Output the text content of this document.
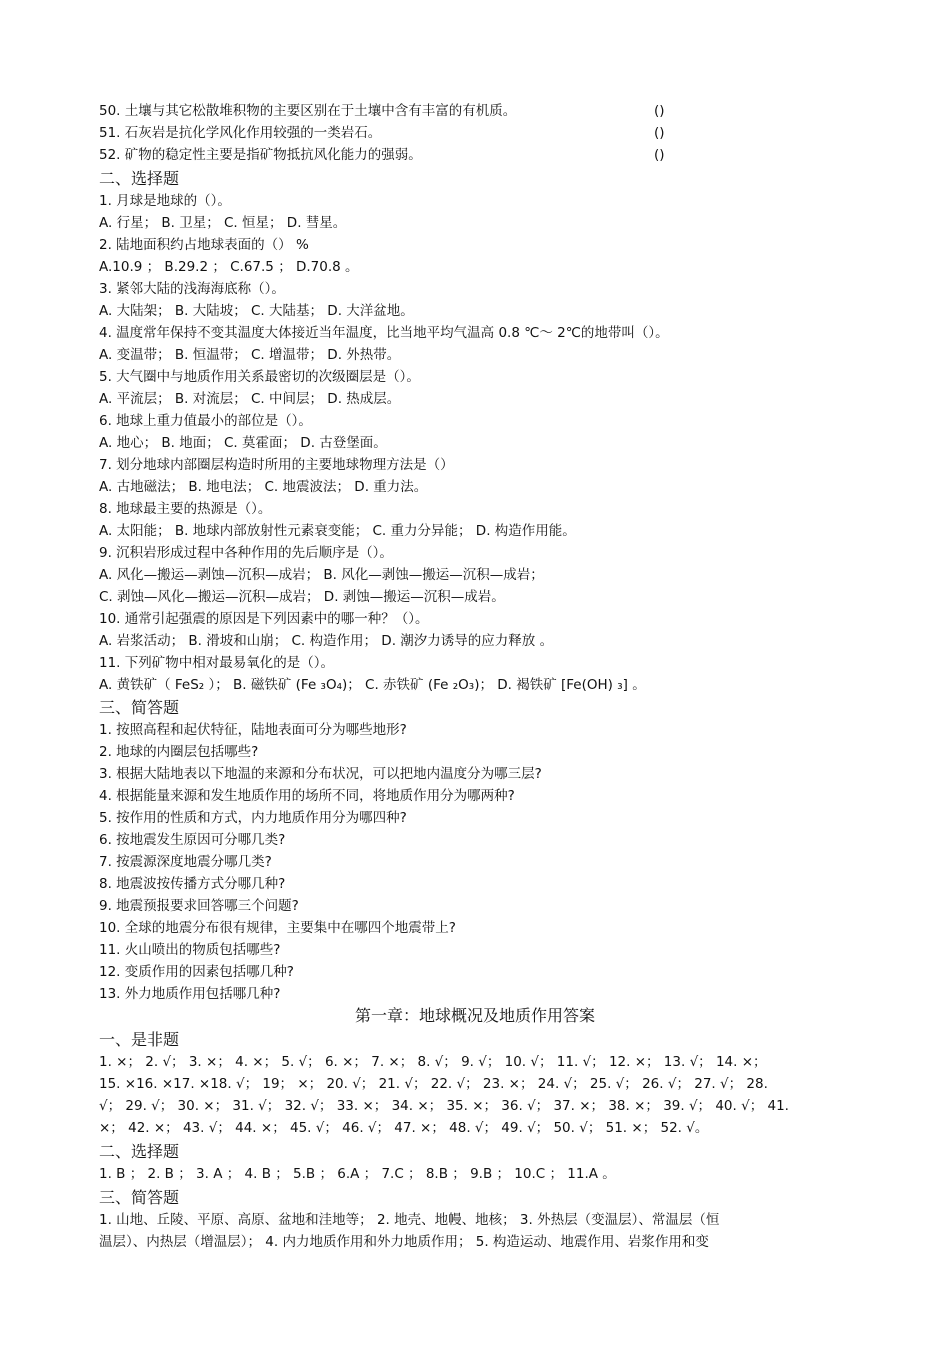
50. 土壤与其它松散堆积物的主要区别在于土壤中含有丰富的有机质。	()
51. 石灰岩是抗化学风化作用较强的一类岩石。	()
52. 矿物的稳定性主要是指矿物抵抗风化能力的强弱。	()
二、选择题
1. 月球是地球的（）。
A. 行星； B. 卫星； C. 恒星； D. 彗星。
2. 陆地面积约占地球表面的（） %
A.10.9 ； B.29.2 ； C.67.5 ； D.70.8 。
3. 紧邻大陆的浅海海底称（）。
A. 大陆架； B. 大陆坡； C. 大陆基； D. 大洋盆地。
4. 温度常年保持不变其温度大体接近当年温度，比当地平均气温高 0.8 ℃～ 2℃的地带叫（）。
A. 变温带； B. 恒温带； C. 增温带； D. 外热带。
5. 大气圈中与地质作用关系最密切的次级圈层是（）。
A. 平流层； B. 对流层； C. 中间层； D. 热成层。
6. 地球上重力值最小的部位是（）。
A. 地心； B. 地面； C. 莫霍面； D. 古登堡面。
7. 划分地球内部圈层构造时所用的主要地球物理方法是（）
A. 古地磁法； B. 地电法； C. 地震波法； D. 重力法。
8. 地球最主要的热源是（）。
A. 太阳能； B. 地球内部放射性元素衰变能； C. 重力分异能； D. 构造作用能。
9. 沉积岩形成过程中各种作用的先后顺序是（）。
A. 风化—搬运—剥蚀—沉积—成岩； B. 风化—剥蚀—搬运—沉积—成岩；
C. 剥蚀—风化—搬运—沉积—成岩； D. 剥蚀—搬运—沉积—成岩。
10. 通常引起强震的原因是下列因素中的哪一种？（）。
A. 岩浆活动； B. 滑坡和山崩； C. 构造作用； D. 潮汐力诱导的应力释放 。
11. 下列矿物中相对最易氧化的是（）。
A. 黄铁矿（ FeS₂ ）； B. 磁铁矿 (Fe ₃O₄)； C. 赤铁矿 (Fe ₂O₃)； D. 褐铁矿 [Fe(OH) ₃] 。
三、简答题
1. 按照高程和起伏特征，陆地表面可分为哪些地形?
2. 地球的内圈层包括哪些?
3. 根据大陆地表以下地温的来源和分布状况，可以把地内温度分为哪三层?
4. 根据能量来源和发生地质作用的场所不同，将地质作用分为哪两种?
5. 按作用的性质和方式，内力地质作用分为哪四种?
6. 按地震发生原因可分哪几类?
7. 按震源深度地震分哪几类?
8. 地震波按传播方式分哪几种?
9. 地震预报要求回答哪三个问题?
10. 全球的地震分布很有规律，主要集中在哪四个地震带上?
11. 火山喷出的物质包括哪些?
12. 变质作用的因素包括哪几种?
13. 外力地质作用包括哪几种?
第一章：地球概况及地质作用答案
一、是非题
1. ×； 2. √； 3. ×； 4. ×； 5. √； 6. ×； 7. ×； 8. √； 9. √； 10. √； 11. √； 12. ×； 13. √； 14. ×；
15. ×16. ×17. ×18. √； 19； ×； 20. √； 21. √； 22. √； 23. ×； 24. √； 25. √； 26. √； 27. √； 28.
√； 29. √； 30. ×； 31. √； 32. √； 33. ×； 34. ×； 35. ×； 36. √； 37. ×； 38. ×； 39. √； 40. √； 41.
×； 42. ×； 43. √； 44. ×； 45. √； 46. √； 47. ×； 48. √； 49. √； 50. √； 51. ×； 52. √。
二、选择题
1. B ； 2. B ； 3. A ； 4. B ； 5.B ； 6.A ； 7.C ； 8.B ； 9.B ； 10.C ； 11.A 。
三、简答题
1. 山地、丘陵、平原、高原、盆地和洼地等； 2. 地壳、地幔、地核； 3. 外热层（变温层）、常温层（恒
温层）、内热层（增温层）； 4. 内力地质作用和外力地质作用； 5. 构造运动、地震作用、岩浆作用和变
